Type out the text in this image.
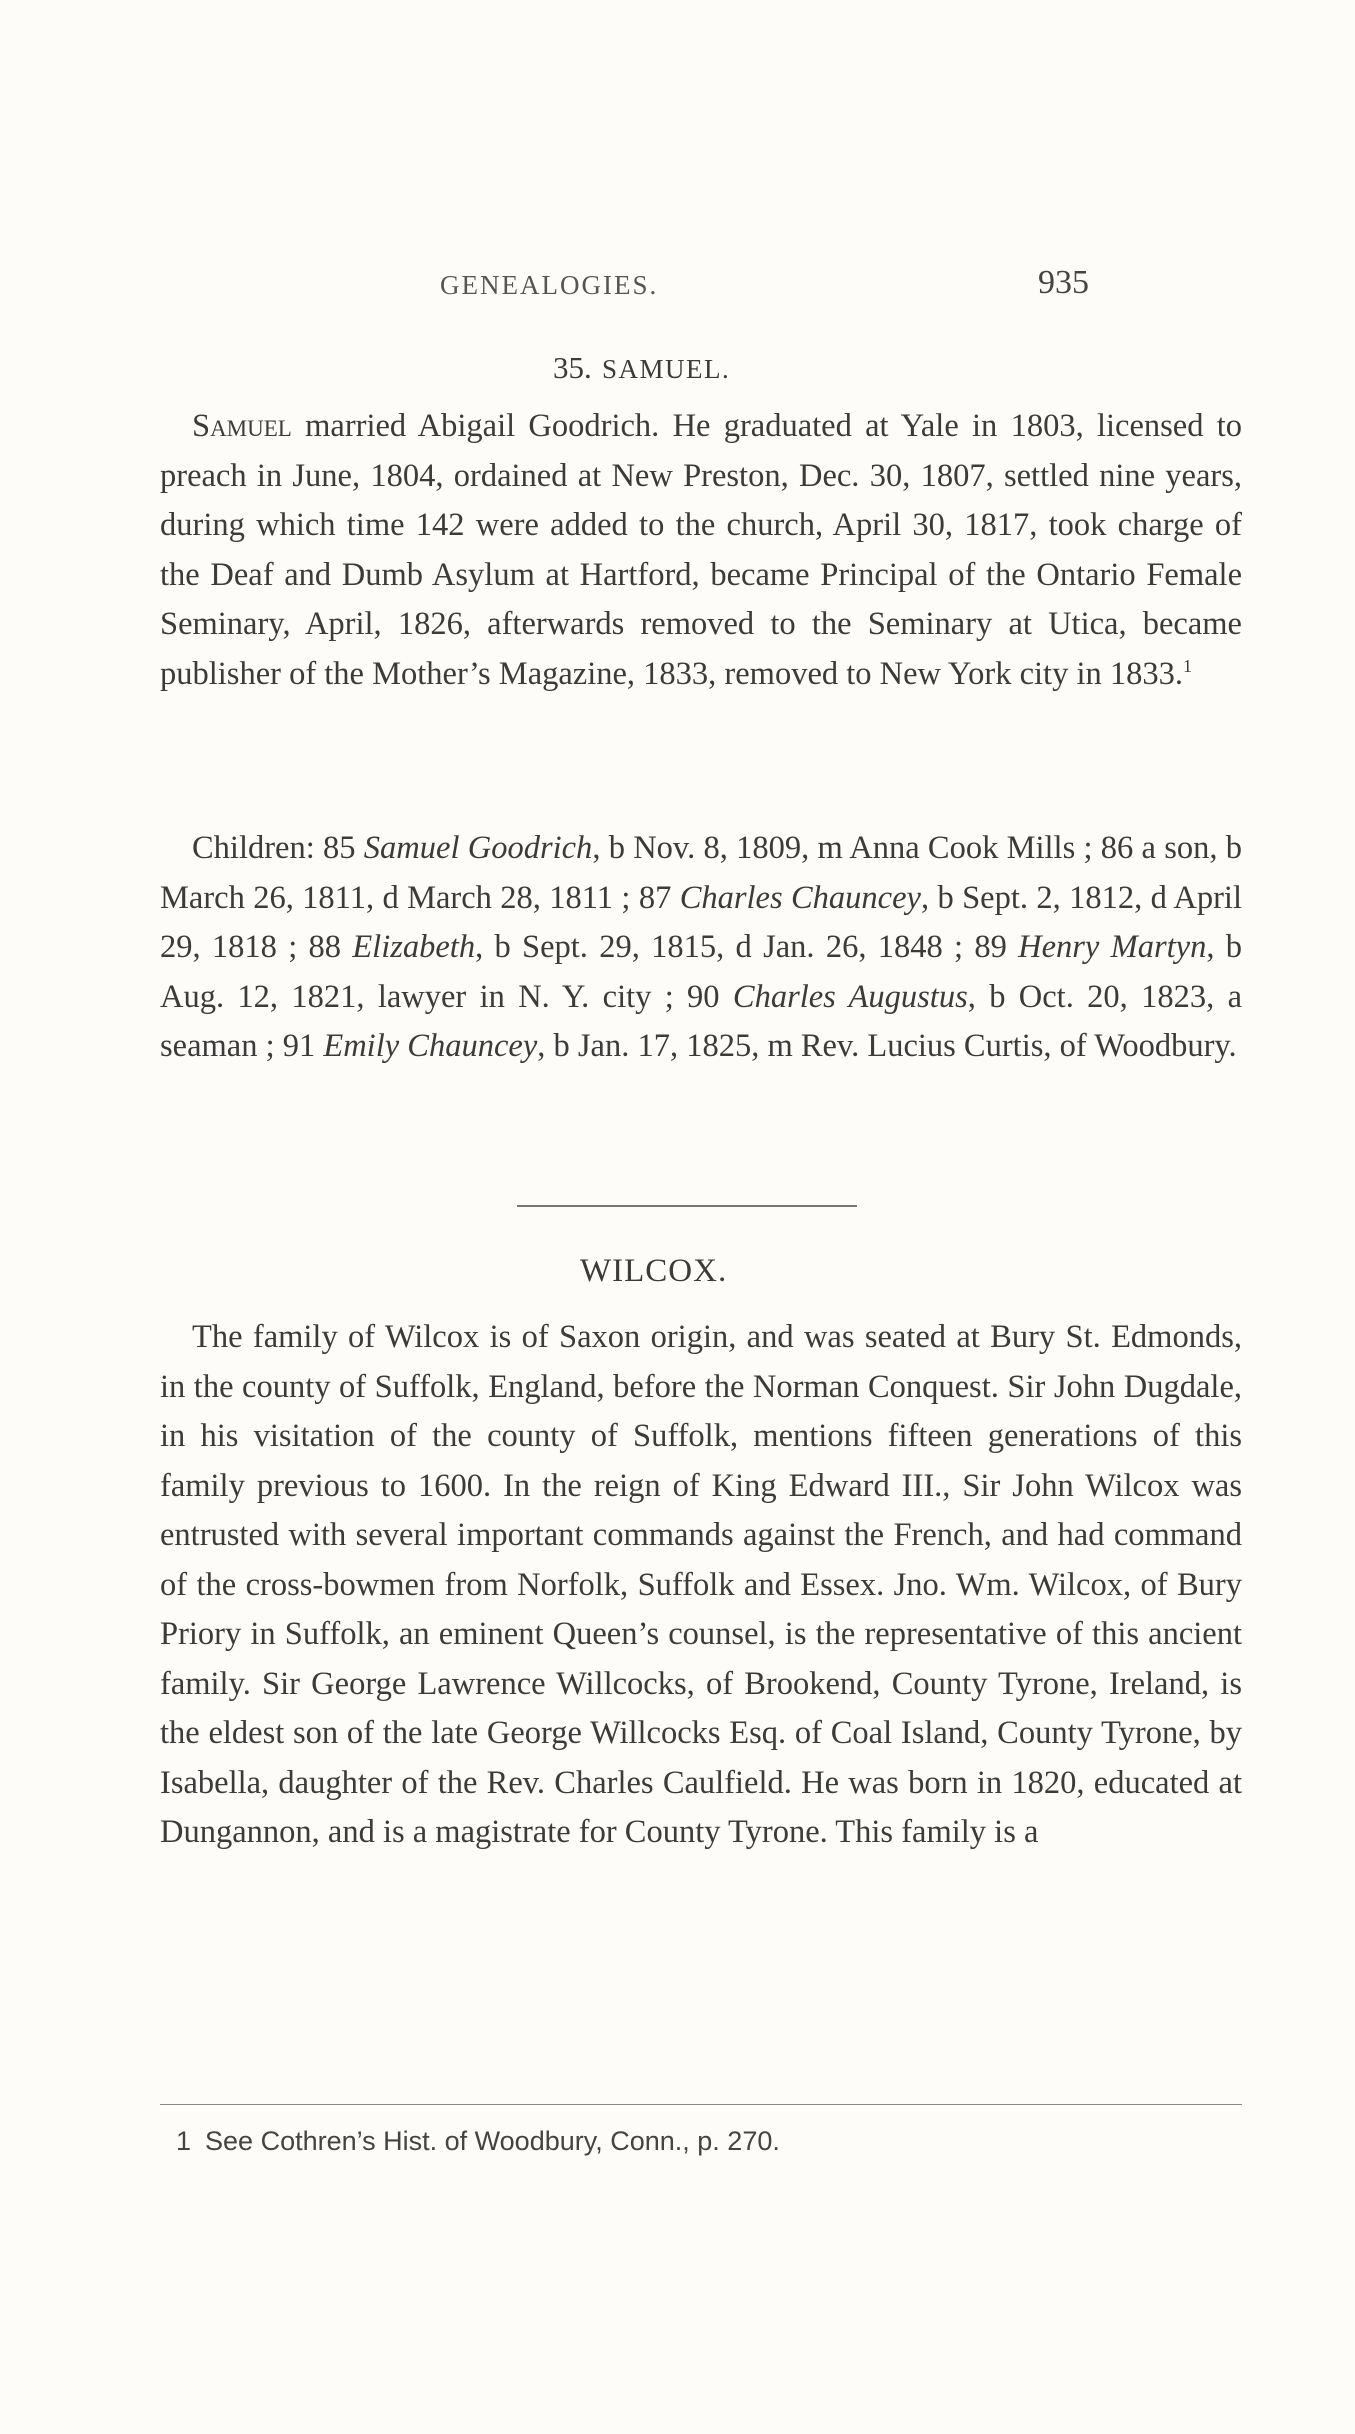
GENEALOGIES.	935
35. SAMUEL.

Samuel married Abigail Goodrich. He graduated at Yale in 1803, licensed to preach in June, 1804, ordained at New Preston, Dec. 30, 1807, settled nine years, during which time 142 were added to the church, April 30, 1817, took charge of the Deaf and Dumb Asylum at Hartford, became Principal of the Ontario Female Seminary, April, 1826, afterwards removed to the Seminary at Utica, became publisher of the Mother’s Magazine, 1833, removed to New York city in 1833.$^1$

Children: 85 Samuel Goodrich, b Nov. 8, 1809, m Anna Cook Mills ; 86 a son, b March 26, 1811, d March 28, 1811 ; 87 Charles Chauncey, b Sept. 2, 1812, d April 29, 1818 ; 88 Elizabeth, b Sept. 29, 1815, d Jan. 26, 1848 ; 89 Henry Martyn, b Aug. 12, 1821, lawyer in N. Y. city ; 90 Charles Augustus, b Oct. 20, 1823, a seaman ; 91 Emily Chauncey, b Jan. 17, 1825, m Rev. Lucius Curtis, of Woodbury.

WILCOX.

The family of Wilcox is of Saxon origin, and was seated at Bury St. Edmonds, in the county of Suffolk, England, before the Norman Conquest. Sir John Dugdale, in his visitation of the county of Suffolk, mentions fifteen generations of this family previous to 1600. In the reign of King Edward III., Sir John Wilcox was entrusted with several important commands against the French, and had command of the cross-bowmen from Norfolk, Suffolk and Essex. Jno. Wm. Wilcox, of Bury Priory in Suffolk, an eminent Queen’s counsel, is the representative of this ancient family. Sir George Lawrence Willcocks, of Brookend, County Tyrone, Ireland, is the eldest son of the late George Willcocks Esq. of Coal Island, County Tyrone, by Isabella, daughter of the Rev. Charles Caulfield. He was born in 1820, educated at Dungannon, and is a magistrate for County Tyrone. This family is a

1 See Cothren’s Hist. of Woodbury, Conn., p. 270.
